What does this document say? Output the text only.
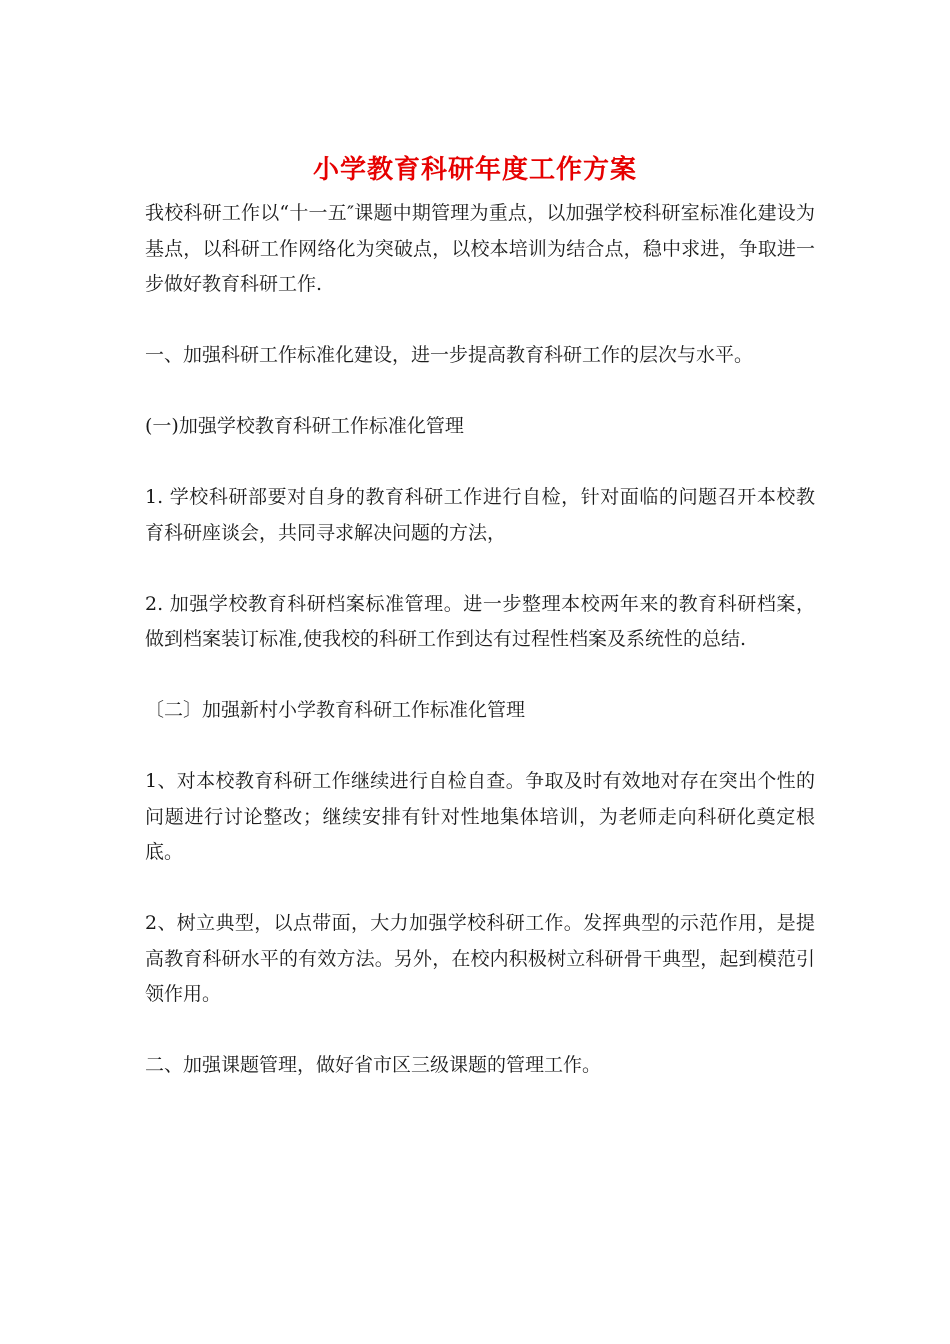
小学教育科研年度工作方案

我校科研工作以“十一五″课题中期管理为重点，以加强学校科研室标准化建设为基点，以科研工作网络化为突破点，以校本培训为结合点，稳中求进，争取进一步做好教育科研工作.

一、加强科研工作标准化建设，进一步提高教育科研工作的层次与水平。

(一)加强学校教育科研工作标准化管理

1. 学校科研部要对自身的教育科研工作进行自检，针对面临的问题召开本校教育科研座谈会，共同寻求解决问题的方法，

2. 加强学校教育科研档案标准管理。进一步整理本校两年来的教育科研档案，做到档案装订标准,使我校的科研工作到达有过程性档案及系统性的总结.

〔二〕加强新村小学教育科研工作标准化管理

1、对本校教育科研工作继续进行自检自查。争取及时有效地对存在突出个性的问题进行讨论整改；继续安排有针对性地集体培训，为老师走向科研化奠定根底。

2、树立典型，以点带面，大力加强学校科研工作。发挥典型的示范作用，是提高教育科研水平的有效方法。另外，在校内积极树立科研骨干典型，起到模范引领作用。

二、加强课题管理，做好省市区三级课题的管理工作。
